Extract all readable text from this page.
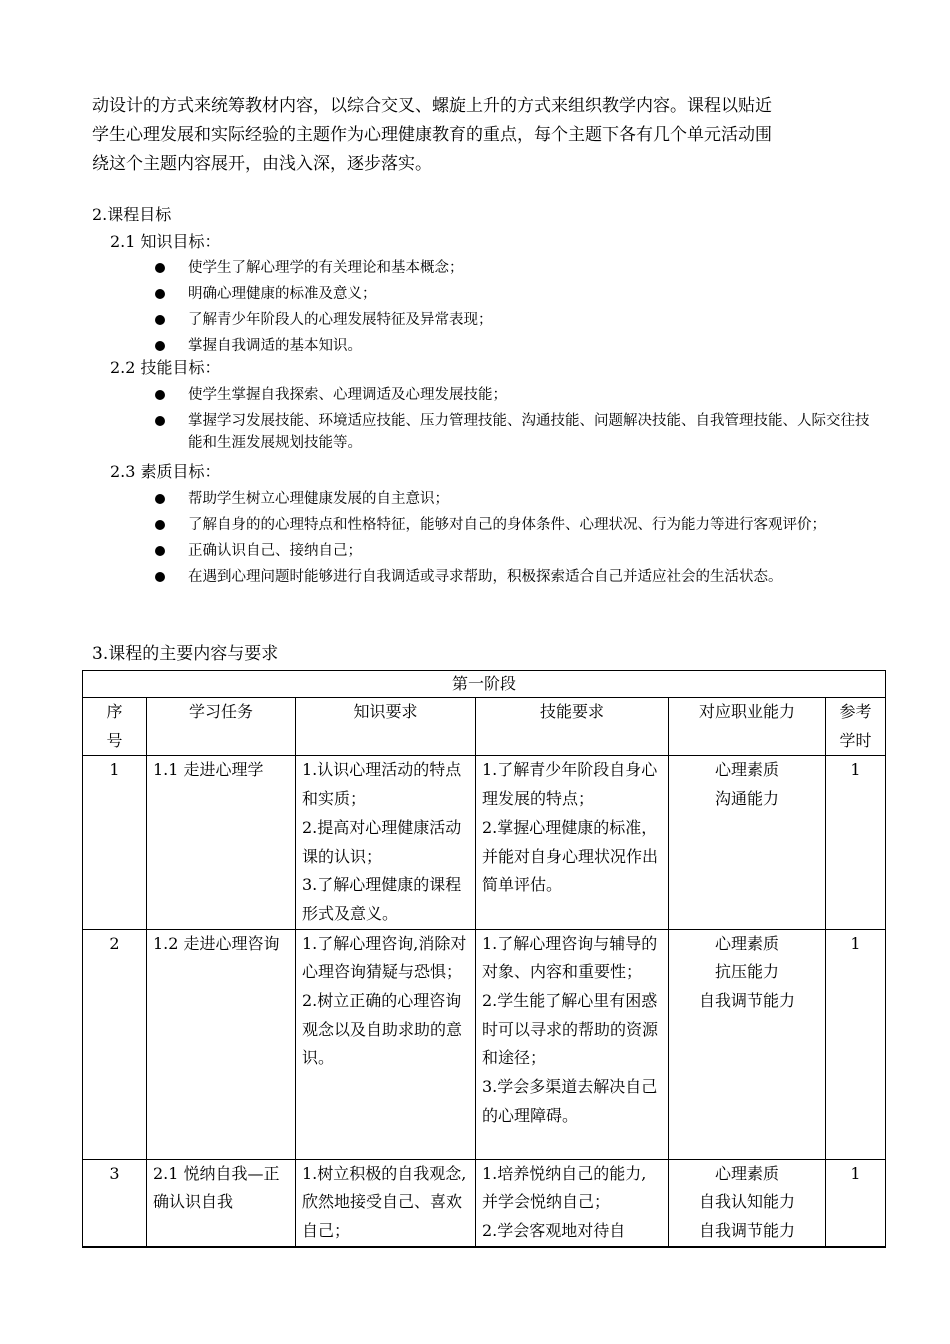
动设计的方式来统筹教材内容，以综合交叉、螺旋上升的方式来组织教学内容。课程以贴近

学生心理发展和实际经验的主题作为心理健康教育的重点，每个主题下各有几个单元活动围

绕这个主题内容展开，由浅入深，逐步落实。

2.课程目标
2.1 知识目标：
使学生了解心理学的有关理论和基本概念；
明确心理健康的标准及意义；
了解青少年阶段人的心理发展特征及异常表现；
掌握自我调适的基本知识。
2.2 技能目标：
使学生掌握自我探索、心理调适及心理发展技能；
掌握学习发展技能、环境适应技能、压力管理技能、沟通技能、问题解决技能、自我管理技能、人际交往技能和生涯发展规划技能等。
2.3 素质目标：
帮助学生树立心理健康发展的自主意识；
了解自身的的心理特点和性格特征，能够对自己的身体条件、心理状况、行为能力等进行客观评价；
正确认识自己、接纳自己；
在遇到心理问题时能够进行自我调适或寻求帮助，积极探索适合自己并适应社会的生活状态。
3.课程的主要内容与要求
第一阶段					

序
号	学习任务	知识要求	技能要求	对应职业能力	参考
学时

1	1.1 走进心理学	1.认识心理活动的特点和实质；
2.提高对心理健康活动课的认识；
3.了解心理健康的课程形式及意义。	1.了解青少年阶段自身心理发展的特点；
2.掌握心理健康的标准，并能对自身心理状况作出简单评估。	心理素质
沟通能力	1
2	1.2 走进心理咨询	1.了解心理咨询,消除对心理咨询猜疑与恐惧；
2.树立正确的心理咨询观念以及自助求助的意识。	1.了解心理咨询与辅导的对象、内容和重要性；
2.学生能了解心里有困惑时可以寻求的帮助的资源和途径；
3.学会多渠道去解决自己的心理障碍。	心理素质
抗压能力
自我调节能力	1
3	2.1 悦纳自我—正确认识自我	1.树立积极的自我观念,欣然地接受自己、喜欢自己；	1.培养悦纳自己的能力,并学会悦纳自己；
2.学会客观地对待自	心理素质
自我认知能力
自我调节能力	1
